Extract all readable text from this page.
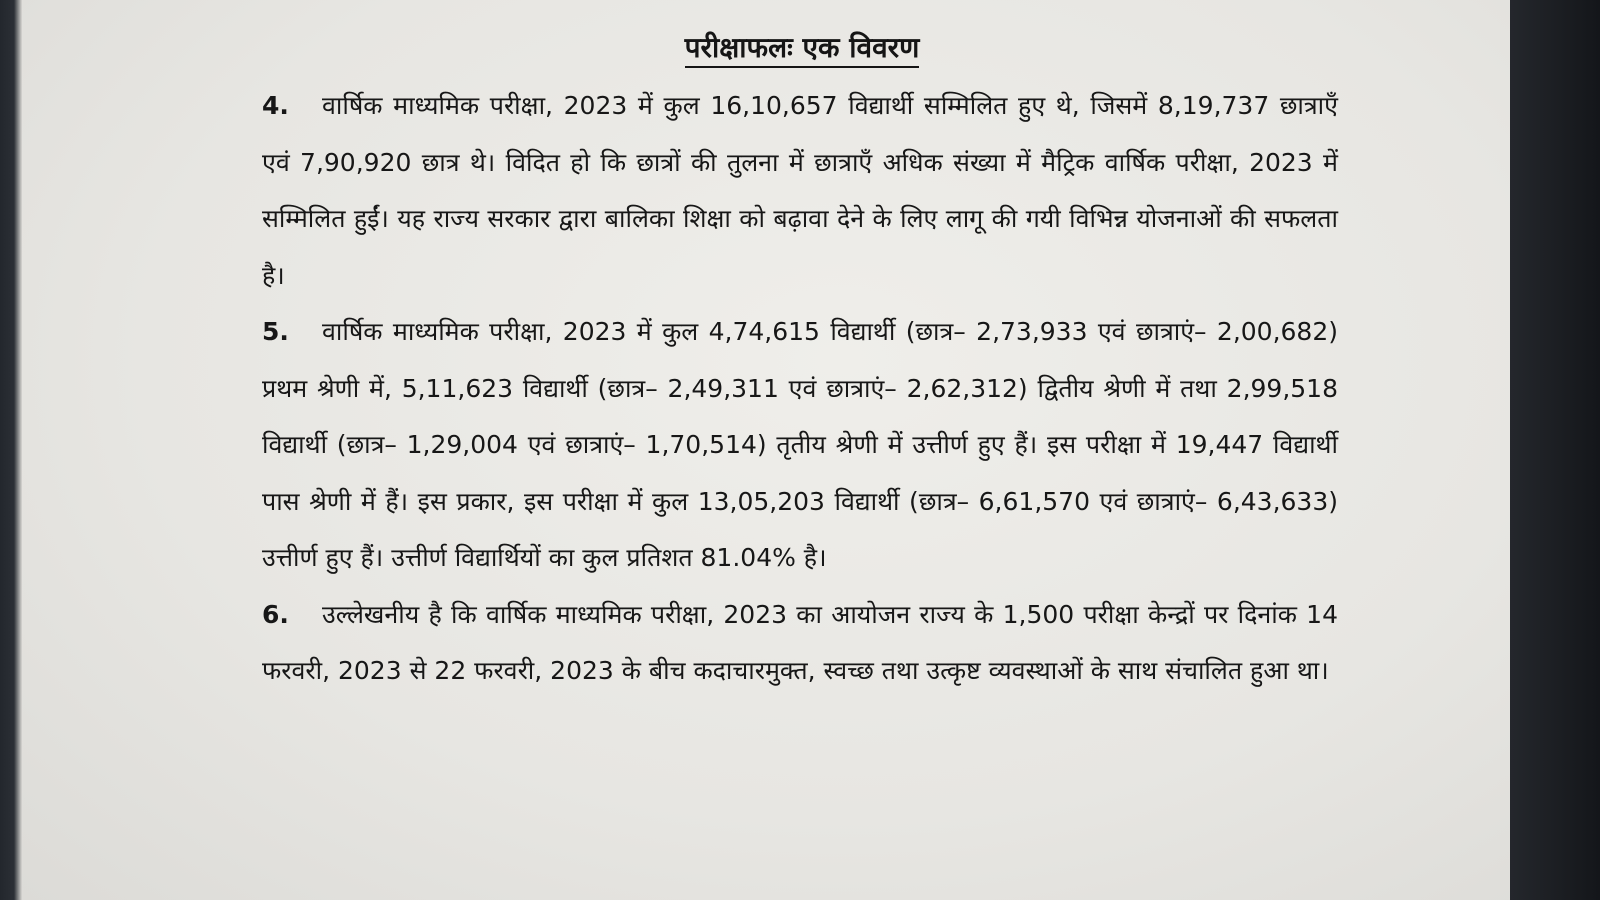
परीक्षाफलः एक विवरण

4. वार्षिक माध्यमिक परीक्षा, 2023 में कुल 16,10,657 विद्यार्थी सम्मिलित हुए थे, जिसमें 8,19,737 छात्राएँ एवं 7,90,920 छात्र थे। विदित हो कि छात्रों की तुलना में छात्राएँ अधिक संख्या में मैट्रिक वार्षिक परीक्षा, 2023 में सम्मिलित हुईं। यह राज्य सरकार द्वारा बालिका शिक्षा को बढ़ावा देने के लिए लागू की गयी विभिन्न योजनाओं की सफलता है।

5. वार्षिक माध्यमिक परीक्षा, 2023 में कुल 4,74,615 विद्यार्थी (छात्र– 2,73,933 एवं छात्राएं– 2,00,682) प्रथम श्रेणी में, 5,11,623 विद्यार्थी (छात्र– 2,49,311 एवं छात्राएं– 2,62,312) द्वितीय श्रेणी में तथा 2,99,518 विद्यार्थी (छात्र– 1,29,004 एवं छात्राएं– 1,70,514) तृतीय श्रेणी में उत्तीर्ण हुए हैं। इस परीक्षा में 19,447 विद्यार्थी पास श्रेणी में हैं। इस प्रकार, इस परीक्षा में कुल 13,05,203 विद्यार्थी (छात्र– 6,61,570 एवं छात्राएं– 6,43,633) उत्तीर्ण हुए हैं। उत्तीर्ण विद्यार्थियों का कुल प्रतिशत 81.04% है।

6. उल्लेखनीय है कि वार्षिक माध्यमिक परीक्षा, 2023 का आयोजन राज्य के 1,500 परीक्षा केन्द्रों पर दिनांक 14 फरवरी, 2023 से 22 फरवरी, 2023 के बीच कदाचारमुक्त, स्वच्छ तथा उत्कृष्ट व्यवस्थाओं के साथ संचालित हुआ था।
